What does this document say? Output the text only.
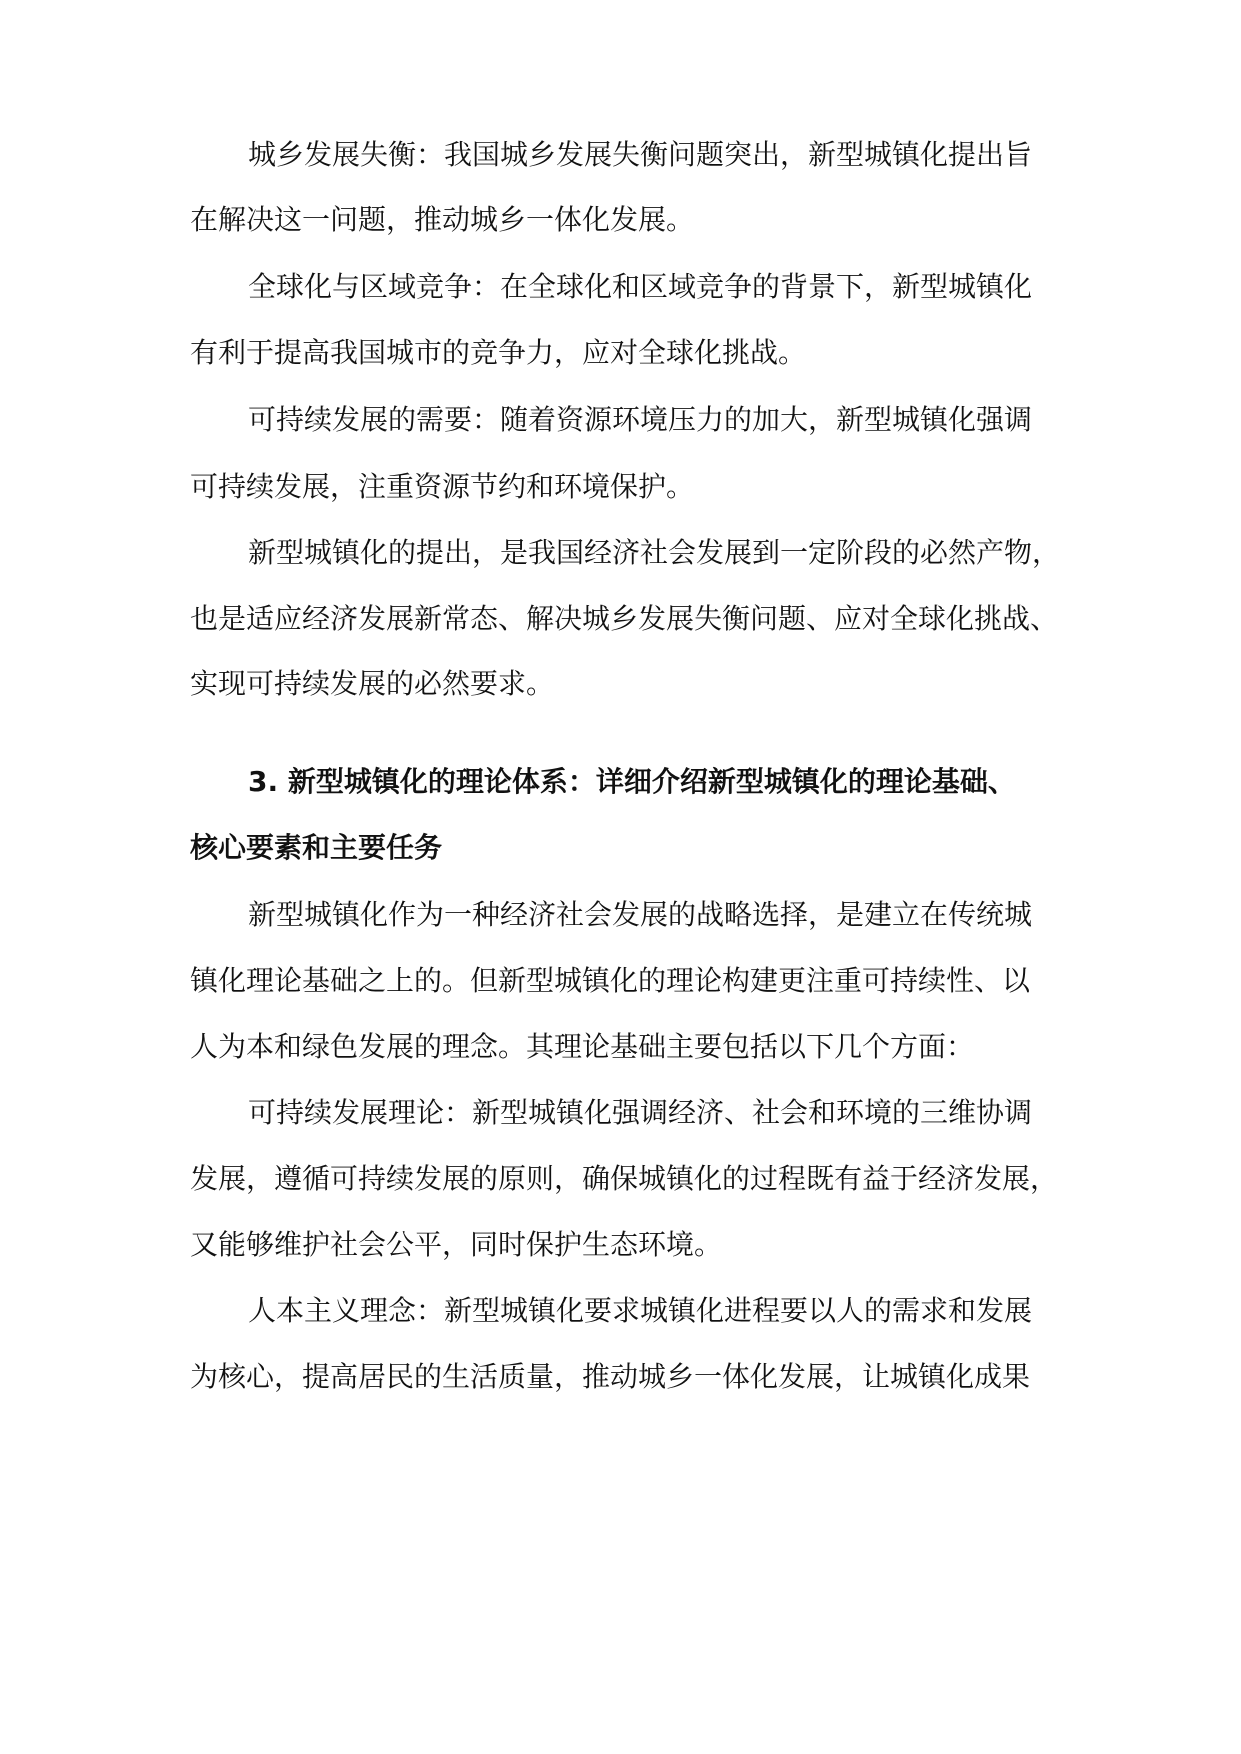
城乡发展失衡：我国城乡发展失衡问题突出，新型城镇化提出旨
在解决这一问题，推动城乡一体化发展。
全球化与区域竞争：在全球化和区域竞争的背景下，新型城镇化
有利于提高我国城市的竞争力，应对全球化挑战。
可持续发展的需要：随着资源环境压力的加大，新型城镇化强调
可持续发展，注重资源节约和环境保护。
新型城镇化的提出，是我国经济社会发展到一定阶段的必然产物，
也是适应经济发展新常态、解决城乡发展失衡问题、应对全球化挑战、
实现可持续发展的必然要求。
3. 新型城镇化的理论体系：详细介绍新型城镇化的理论基础、
核心要素和主要任务
新型城镇化作为一种经济社会发展的战略选择，是建立在传统城
镇化理论基础之上的。但新型城镇化的理论构建更注重可持续性、以
人为本和绿色发展的理念。其理论基础主要包括以下几个方面：
可持续发展理论：新型城镇化强调经济、社会和环境的三维协调
发展，遵循可持续发展的原则，确保城镇化的过程既有益于经济发展，
又能够维护社会公平，同时保护生态环境。
人本主义理念：新型城镇化要求城镇化进程要以人的需求和发展
为核心，提高居民的生活质量，推动城乡一体化发展，让城镇化成果
